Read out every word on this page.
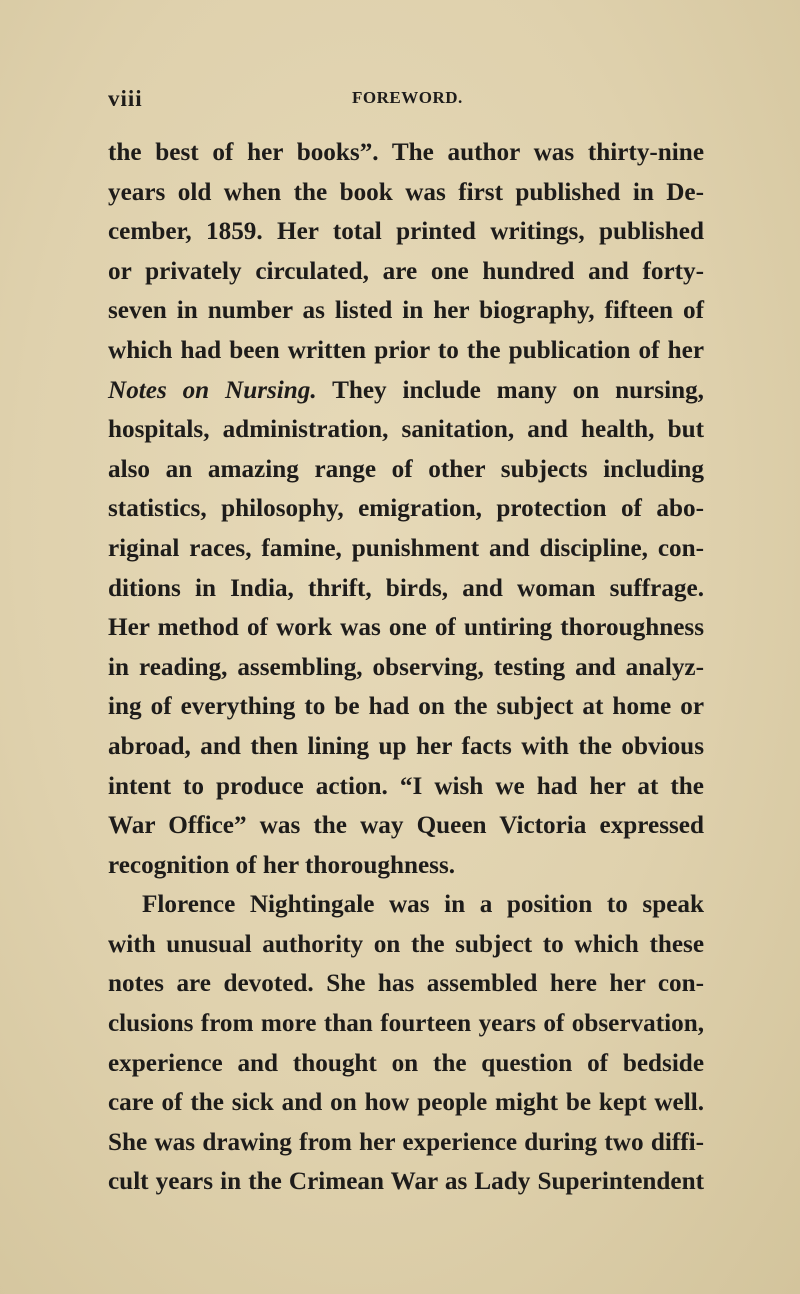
viii	FOREWORD.
the best of her books”. The author was thirty-nine
years old when the book was first published in De-
cember, 1859. Her total printed writings, published
or privately circulated, are one hundred and forty-
seven in number as listed in her biography, fifteen of
which had been written prior to the publication of her
Notes on Nursing. They include many on nursing,
hospitals, administration, sanitation, and health, but
also an amazing range of other subjects including
statistics, philosophy, emigration, protection of abo-
riginal races, famine, punishment and discipline, con-
ditions in India, thrift, birds, and woman suffrage.
Her method of work was one of untiring thoroughness
in reading, assembling, observing, testing and analyz-
ing of everything to be had on the subject at home or
abroad, and then lining up her facts with the obvious
intent to produce action. “I wish we had her at the
War Office” was the way Queen Victoria expressed
recognition of her thoroughness.
Florence Nightingale was in a position to speak
with unusual authority on the subject to which these
notes are devoted. She has assembled here her con-
clusions from more than fourteen years of observation,
experience and thought on the question of bedside
care of the sick and on how people might be kept well.
She was drawing from her experience during two diffi-
cult years in the Crimean War as Lady Superintendent
